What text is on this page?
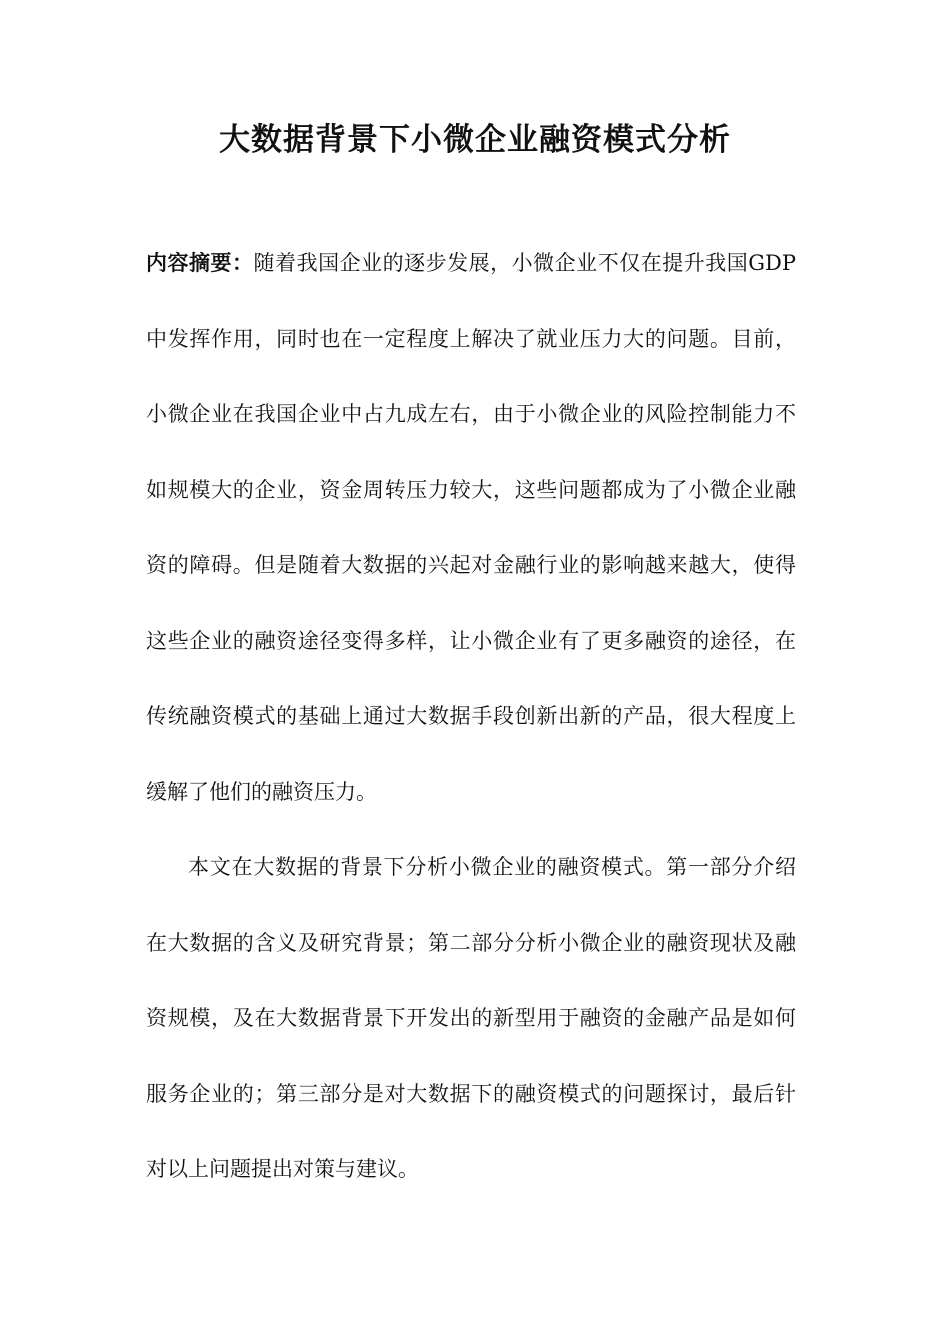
大数据背景下小微企业融资模式分析

内容摘要：随着我国企业的逐步发展，小微企业不仅在提升我国GDP中发挥作用，同时也在一定程度上解决了就业压力大的问题。目前，小微企业在我国企业中占九成左右，由于小微企业的风险控制能力不如规模大的企业，资金周转压力较大，这些问题都成为了小微企业融资的障碍。但是随着大数据的兴起对金融行业的影响越来越大，使得这些企业的融资途径变得多样，让小微企业有了更多融资的途径，在传统融资模式的基础上通过大数据手段创新出新的产品，很大程度上缓解了他们的融资压力。

本文在大数据的背景下分析小微企业的融资模式。第一部分介绍在大数据的含义及研究背景；第二部分分析小微企业的融资现状及融资规模，及在大数据背景下开发出的新型用于融资的金融产品是如何服务企业的；第三部分是对大数据下的融资模式的问题探讨，最后针对以上问题提出对策与建议。
